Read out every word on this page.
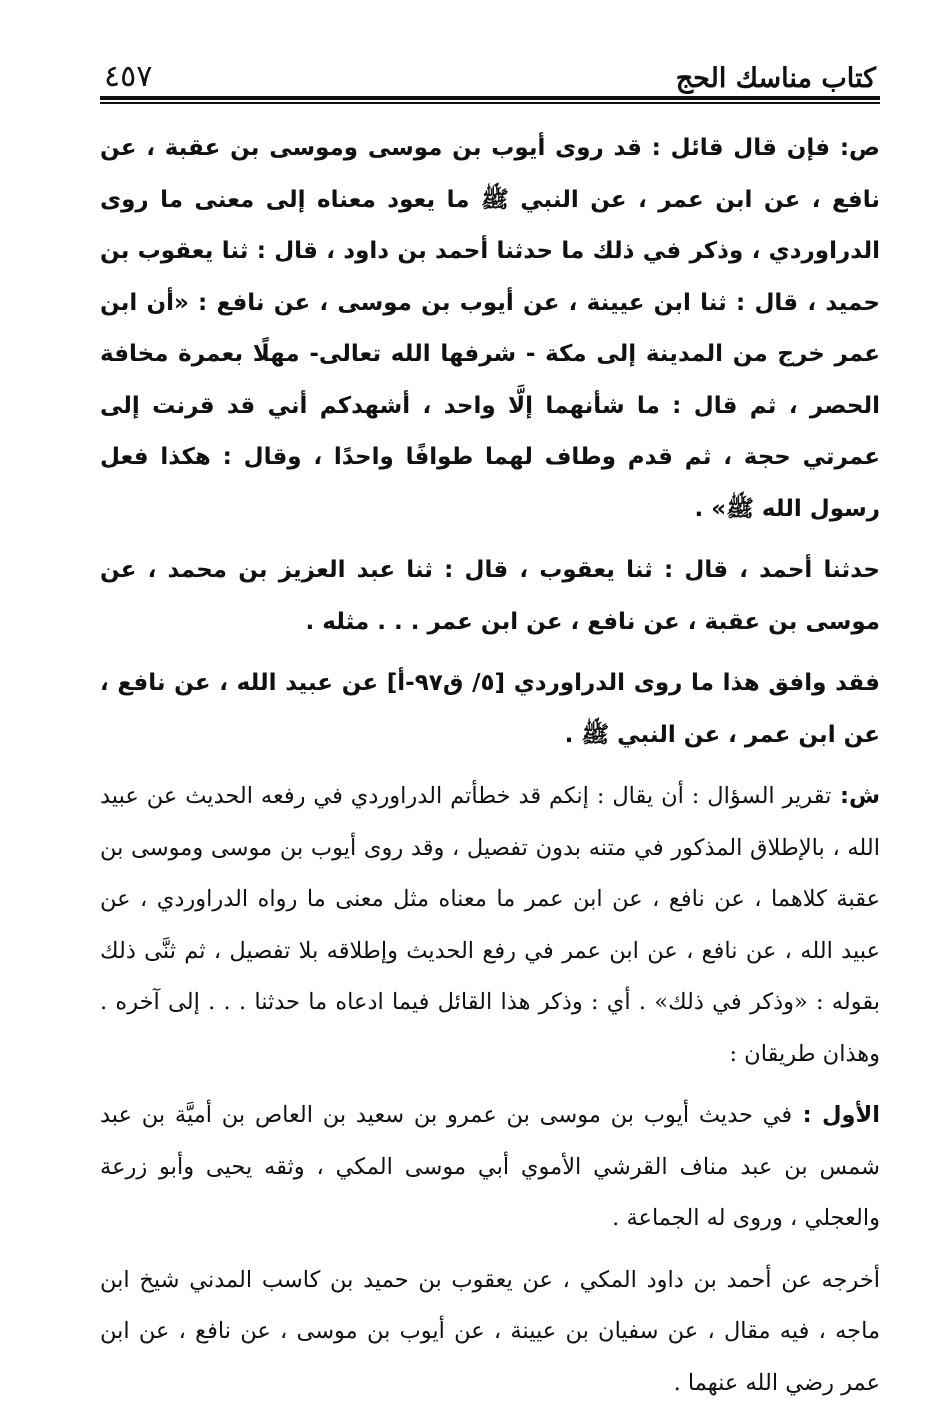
كتاب مناسك الحج
٤٥٧

ص: فإن قال قائل : قد روى أيوب بن موسى وموسى بن عقبة ، عن نافع ، عن ابن عمر ، عن النبي ﷺ ما يعود معناه إلى معنى ما روى الدراوردي ، وذكر في ذلك ما حدثنا أحمد بن داود ، قال : ثنا يعقوب بن حميد ، قال : ثنا ابن عيينة ، عن أيوب بن موسى ، عن نافع : «أن ابن عمر خرج من المدينة إلى مكة - شرفها الله تعالى- مهلًا بعمرة مخافة الحصر ، ثم قال : ما شأنهما إلَّا واحد ، أشهدكم أني قد قرنت إلى عمرتي حجة ، ثم قدم وطاف لهما طوافًا واحدًا ، وقال : هكذا فعل رسول الله ﷺ» .

حدثنا أحمد ، قال : ثنا يعقوب ، قال : ثنا عبد العزيز بن محمد ، عن موسى بن عقبة ، عن نافع ، عن ابن عمر . . . مثله .

فقد وافق هذا ما روى الدراوردي [٥/ ق٩٧-أ] عن عبيد الله ، عن نافع ، عن ابن عمر ، عن النبي ﷺ .

ش: تقرير السؤال : أن يقال : إنكم قد خطأتم الدراوردي في رفعه الحديث عن عبيد الله ، بالإطلاق المذكور في متنه بدون تفصيل ، وقد روى أيوب بن موسى وموسى بن عقبة كلاهما ، عن نافع ، عن ابن عمر ما معناه مثل معنى ما رواه الدراوردي ، عن عبيد الله ، عن نافع ، عن ابن عمر في رفع الحديث وإطلاقه بلا تفصيل ، ثم ثنَّى ذلك بقوله : «وذكر في ذلك» . أي : وذكر هذا القائل فيما ادعاه ما حدثنا . . . إلى آخره . وهذان طريقان :

الأول : في حديث أيوب بن موسى بن عمرو بن سعيد بن العاص بن أميَّة بن عبد شمس بن عبد مناف القرشي الأموي أبي موسى المكي ، وثقه يحيى وأبو زرعة والعجلي ، وروى له الجماعة .

أخرجه عن أحمد بن داود المكي ، عن يعقوب بن حميد بن كاسب المدني شيخ ابن ماجه ، فيه مقال ، عن سفيان بن عيينة ، عن أيوب بن موسى ، عن نافع ، عن ابن عمر رضي الله عنهما .
